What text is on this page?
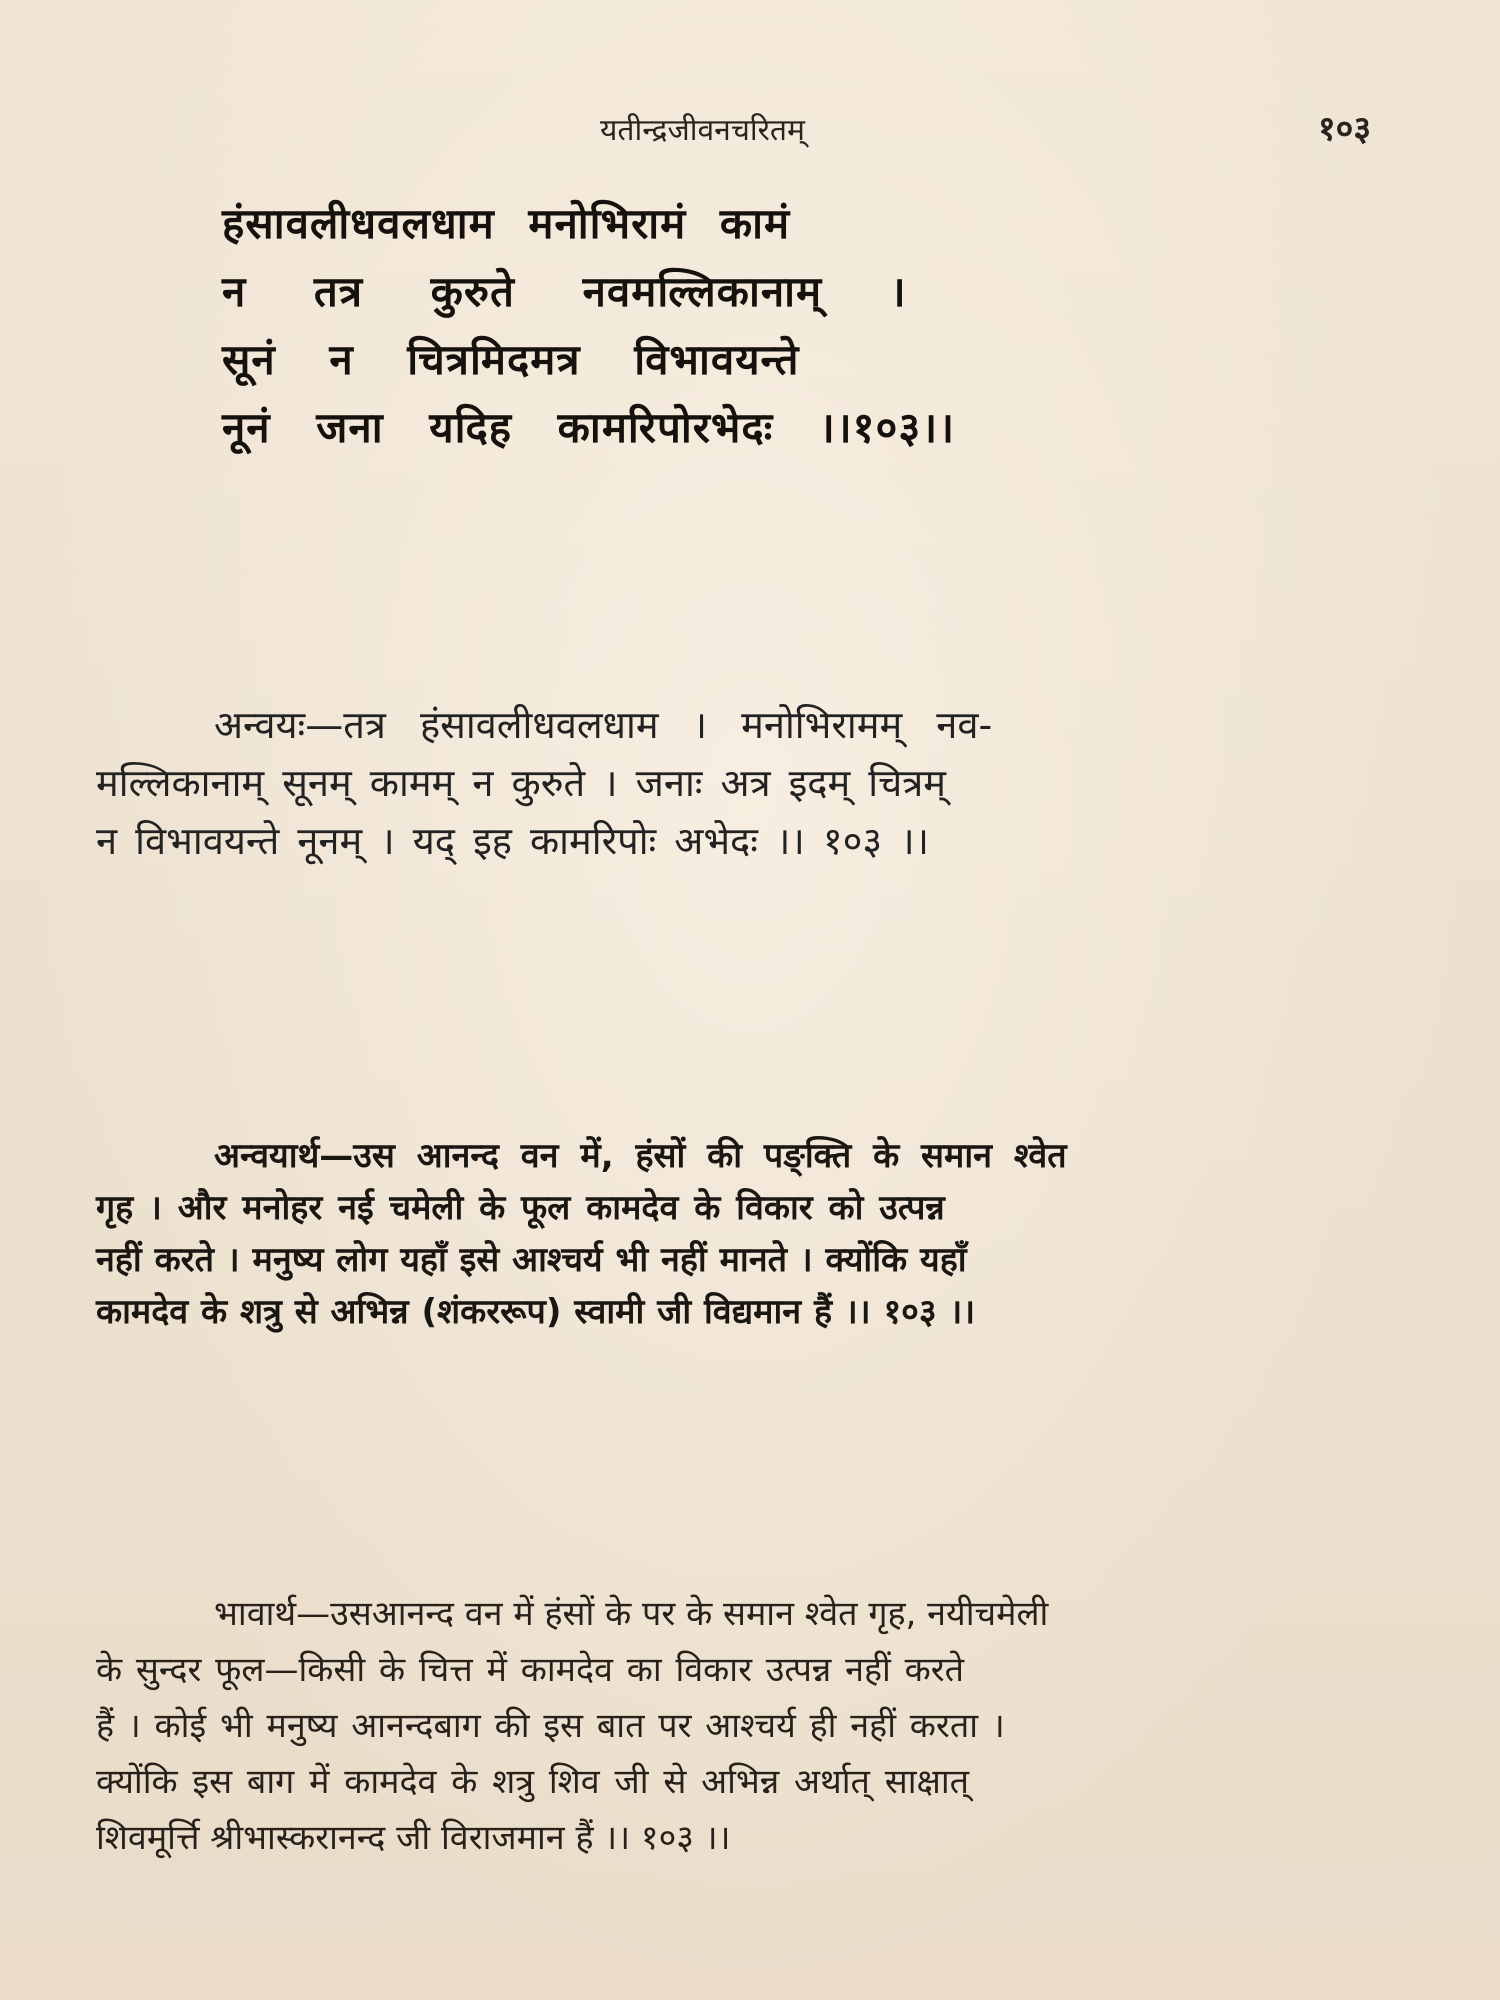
यतीन्द्रजीवनचरितम्	१०३
हंसावलीधवलधाम मनोभिरामं कामं
न तत्र कुरुते नवमल्लिकानाम् ।
सूनं न चित्रमिदमत्र विभावयन्ते
नूनं जना यदिह कामरिपोरभेदः ।।१०३।।
अन्वयः—तत्र हंसावलीधवलधाम । मनोभिरामम् नव-
मल्लिकानाम् सूनम् कामम् न कुरुते । जनाः अत्र इदम् चित्रम्
न विभावयन्ते नूनम् । यद् इह कामरिपोः अभेदः ।। १०३ ।।
अन्वयार्थ—उस आनन्द वन में, हंसों की पङ्क्ति के समान श्वेत
गृह । और मनोहर नई चमेली के फूल कामदेव के विकार को उत्पन्न
नहीं करते । मनुष्य लोग यहाँ इसे आश्चर्य भी नहीं मानते । क्योंकि यहाँ
कामदेव के शत्रु से अभिन्न (शंकररूप) स्वामी जी विद्यमान हैं ।। १०३ ।।
भावार्थ—उसआनन्द वन में हंसों के पर के समान श्वेत गृह, नयीचमेली
के सुन्दर फूल—किसी के चित्त में कामदेव का विकार उत्पन्न नहीं करते
हैं । कोई भी मनुष्य आनन्दबाग की इस बात पर आश्चर्य ही नहीं करता ।
क्योंकि इस बाग में कामदेव के शत्रु शिव जी से अभिन्न अर्थात् साक्षात्
शिवमूर्त्ति श्रीभास्करानन्द जी विराजमान हैं ।। १०३ ।।
